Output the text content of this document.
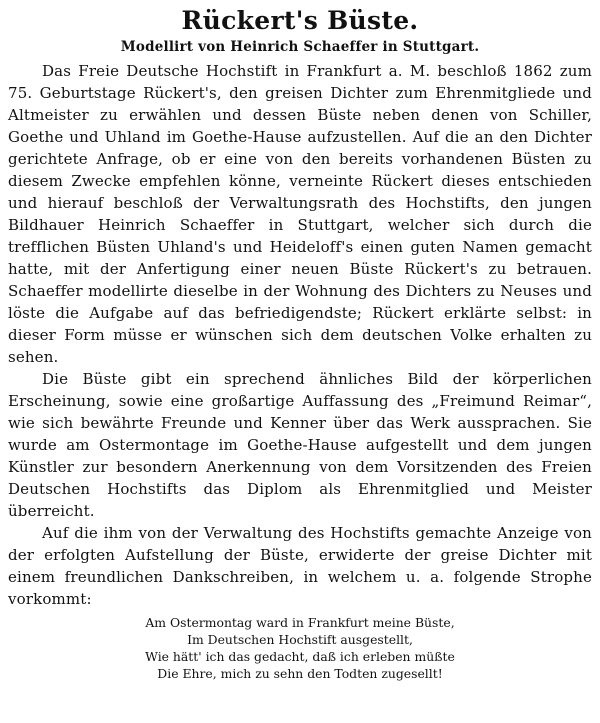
Rückert's Büste.
Modellirt von Heinrich Schaeffer in Stuttgart.

Das Freie Deutsche Hochstift in Frankfurt a. M. beschloß 1862 zum 75. Geburtstage Rückert's, den greisen Dichter zum Ehrenmitgliede und Altmeister zu erwählen und dessen Büste neben denen von Schiller, Goethe und Uhland im Goethe-Hause aufzustellen. Auf die an den Dichter gerichtete Anfrage, ob er eine von den bereits vorhandenen Büsten zu diesem Zwecke empfehlen könne, verneinte Rückert dieses entschieden und hierauf beschloß der Verwaltungsrath des Hochstifts, den jungen Bildhauer Heinrich Schaeffer in Stuttgart, welcher sich durch die trefflichen Büsten Uhland's und Heideloff's einen guten Namen gemacht hatte, mit der Anfertigung einer neuen Büste Rückert's zu betrauen. Schaeffer modellirte dieselbe in der Wohnung des Dichters zu Neuses und löste die Aufgabe auf das befriedigendste; Rückert erklärte selbst: in dieser Form müsse er wünschen sich dem deutschen Volke erhalten zu sehen.

Die Büste gibt ein sprechend ähnliches Bild der körperlichen Erscheinung, sowie eine großartige Auffassung des „Freimund Reimar“, wie sich bewährte Freunde und Kenner über das Werk aussprachen. Sie wurde am Ostermontage im Goethe-Hause aufgestellt und dem jungen Künstler zur besondern Anerkennung von dem Vorsitzenden des Freien Deutschen Hochstifts das Diplom als Ehrenmitglied und Meister überreicht.

Auf die ihm von der Verwaltung des Hochstifts gemachte Anzeige von der erfolgten Aufstellung der Büste, erwiderte der greise Dichter mit einem freundlichen Dankschreiben, in welchem u. a. folgende Strophe vorkommt:

Am Ostermontag ward in Frankfurt meine Büste,
Im Deutschen Hochstift ausgestellt,
Wie hätt' ich das gedacht, daß ich erleben müßte
Die Ehre, mich zu sehn den Todten zugesellt!
